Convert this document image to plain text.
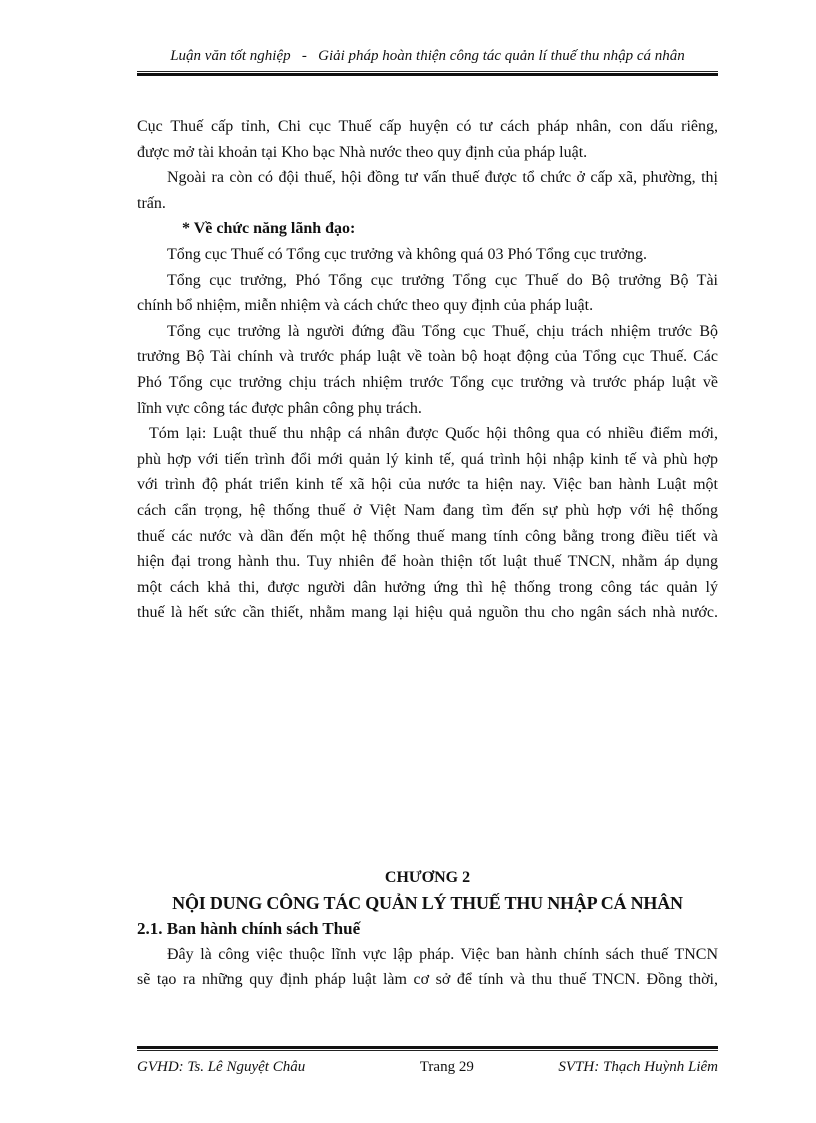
Luận văn tốt nghiệp   -   Giải pháp hoàn thiện công tác quản lí thuế thu nhập cá nhân
Cục Thuế cấp tỉnh, Chi cục Thuế cấp huyện có tư cách pháp nhân, con dấu riêng,
được mở tài khoản tại Kho bạc Nhà nước theo quy định của pháp luật.
Ngoài ra còn có đội thuế, hội đồng tư vấn thuế được tổ chức ở cấp xã, phường, thị
trấn.
* Về chức năng lãnh đạo:
Tổng cục Thuế có Tổng cục trưởng và không quá 03 Phó Tổng cục trưởng.
Tổng cục trưởng, Phó Tổng cục trưởng Tổng cục Thuế do Bộ trưởng Bộ Tài
chính bổ nhiệm, miễn nhiệm và cách chức theo quy định của pháp luật.
Tổng cục trưởng là người đứng đầu Tổng cục Thuế, chịu trách nhiệm trước Bộ
trưởng Bộ Tài chính và trước pháp luật về toàn bộ hoạt động của Tổng cục Thuế. Các
Phó Tổng cục trưởng chịu trách nhiệm trước Tổng cục trưởng và trước pháp luật về
lĩnh vực công tác được phân công phụ trách.
Tóm lại: Luật thuế thu nhập cá nhân được Quốc hội thông qua có nhiều điểm mới,
phù hợp với tiến trình đổi mới quản lý kinh tế, quá trình hội nhập kinh tế và phù hợp
với trình độ phát triển kinh tế xã hội của nước ta hiện nay. Việc ban hành Luật một
cách cẩn trọng, hệ thống thuế ở Việt Nam đang tìm đến sự phù hợp với hệ thống
thuế các nước và dần đến một hệ thống thuế mang tính công bằng trong điều tiết và
hiện đại trong hành thu. Tuy nhiên để hoàn thiện tốt luật thuế TNCN, nhằm áp dụng
một cách khả thi, được người dân hưởng ứng thì hệ thống trong công tác quản lý
thuế là hết sức cần thiết, nhằm mang lại hiệu quả nguồn thu cho ngân sách nhà nước.
CHƯƠNG 2
NỘI DUNG CÔNG TÁC QUẢN LÝ THUẾ THU NHẬP CÁ NHÂN
2.1. Ban hành chính sách Thuế
Đây là công việc thuộc lĩnh vực lập pháp. Việc ban hành chính sách thuế TNCN
sẽ tạo ra những quy định pháp luật làm cơ sở để tính và thu thuế TNCN. Đồng thời,
GVHD: Ts. Lê Nguyệt Châu	Trang 29	SVTH: Thạch Huỳnh Liêm
